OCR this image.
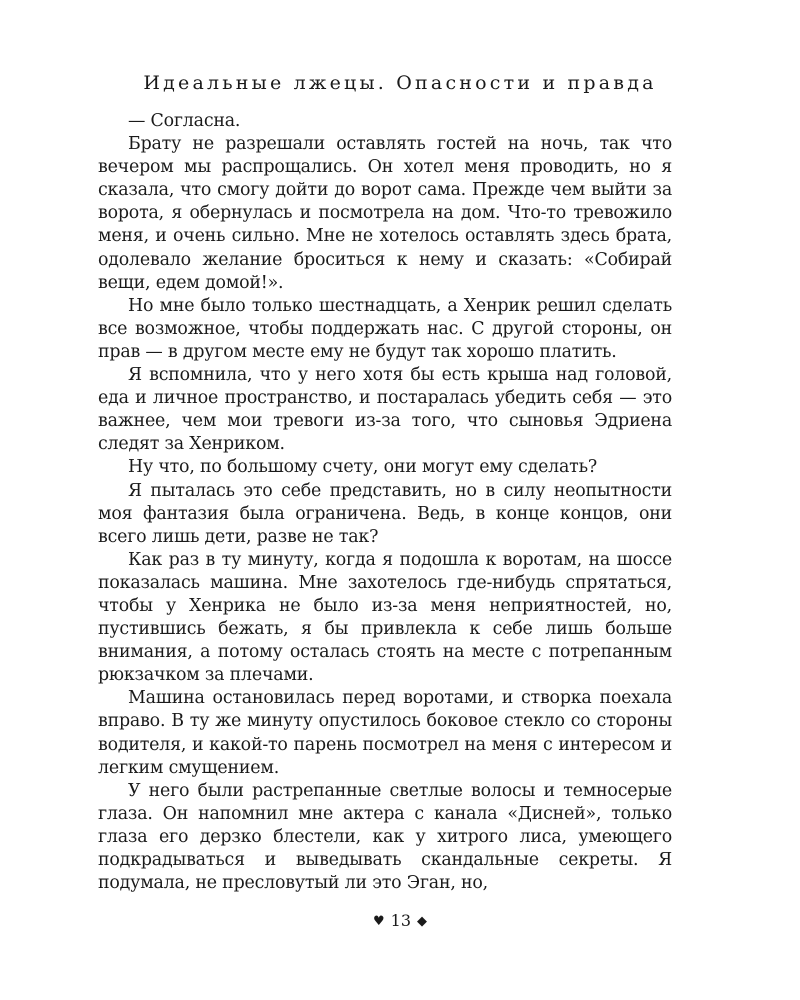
Идеальные лжецы. Опасности и правда

— Согласна.

Брату не разрешали оставлять гостей на ночь, так что вечером мы распрощались. Он хотел меня проводить, но я сказала, что смогу дойти до ворот сама. Прежде чем выйти за ворота, я обернулась и посмотрела на дом. Что-то тревожило меня, и очень сильно. Мне не хотелось оставлять здесь брата, одолевало желание броситься к нему и сказать: «Собирай вещи, едем домой!».

Но мне было только шестнадцать, а Хенрик решил сделать все возможное, чтобы поддержать нас. С другой стороны, он прав — в другом месте ему не будут так хорошо платить.

Я вспомнила, что у него хотя бы есть крыша над головой, еда и личное пространство, и постаралась убедить себя — это важнее, чем мои тревоги из-за того, что сыновья Эдриена следят за Хенриком.

Ну что, по большому счету, они могут ему сделать?

Я пыталась это себе представить, но в силу неопытности моя фантазия была ограничена. Ведь, в конце концов, они всего лишь дети, разве не так?

Как раз в ту минуту, когда я подошла к воротам, на шоссе показалась машина. Мне захотелось где-нибудь спрятаться, чтобы у Хенрика не было из-за меня неприятностей, но, пустившись бежать, я бы привлекла к себе лишь больше внимания, а потому осталась стоять на месте с потрепанным рюкзачком за плечами.

Машина остановилась перед воротами, и створка поехала вправо. В ту же минуту опустилось боковое стекло со стороны водителя, и какой-то парень посмотрел на меня с интересом и легким смущением.

У него были растрепанные светлые волосы и темносерые глаза. Он напомнил мне актера с канала «Дисней», только глаза его дерзко блестели, как у хитрого лиса, умеющего подкрадываться и выведывать скандальные секреты. Я подумала, не пресловутый ли это Эган, но,

♥ 13 ◆
